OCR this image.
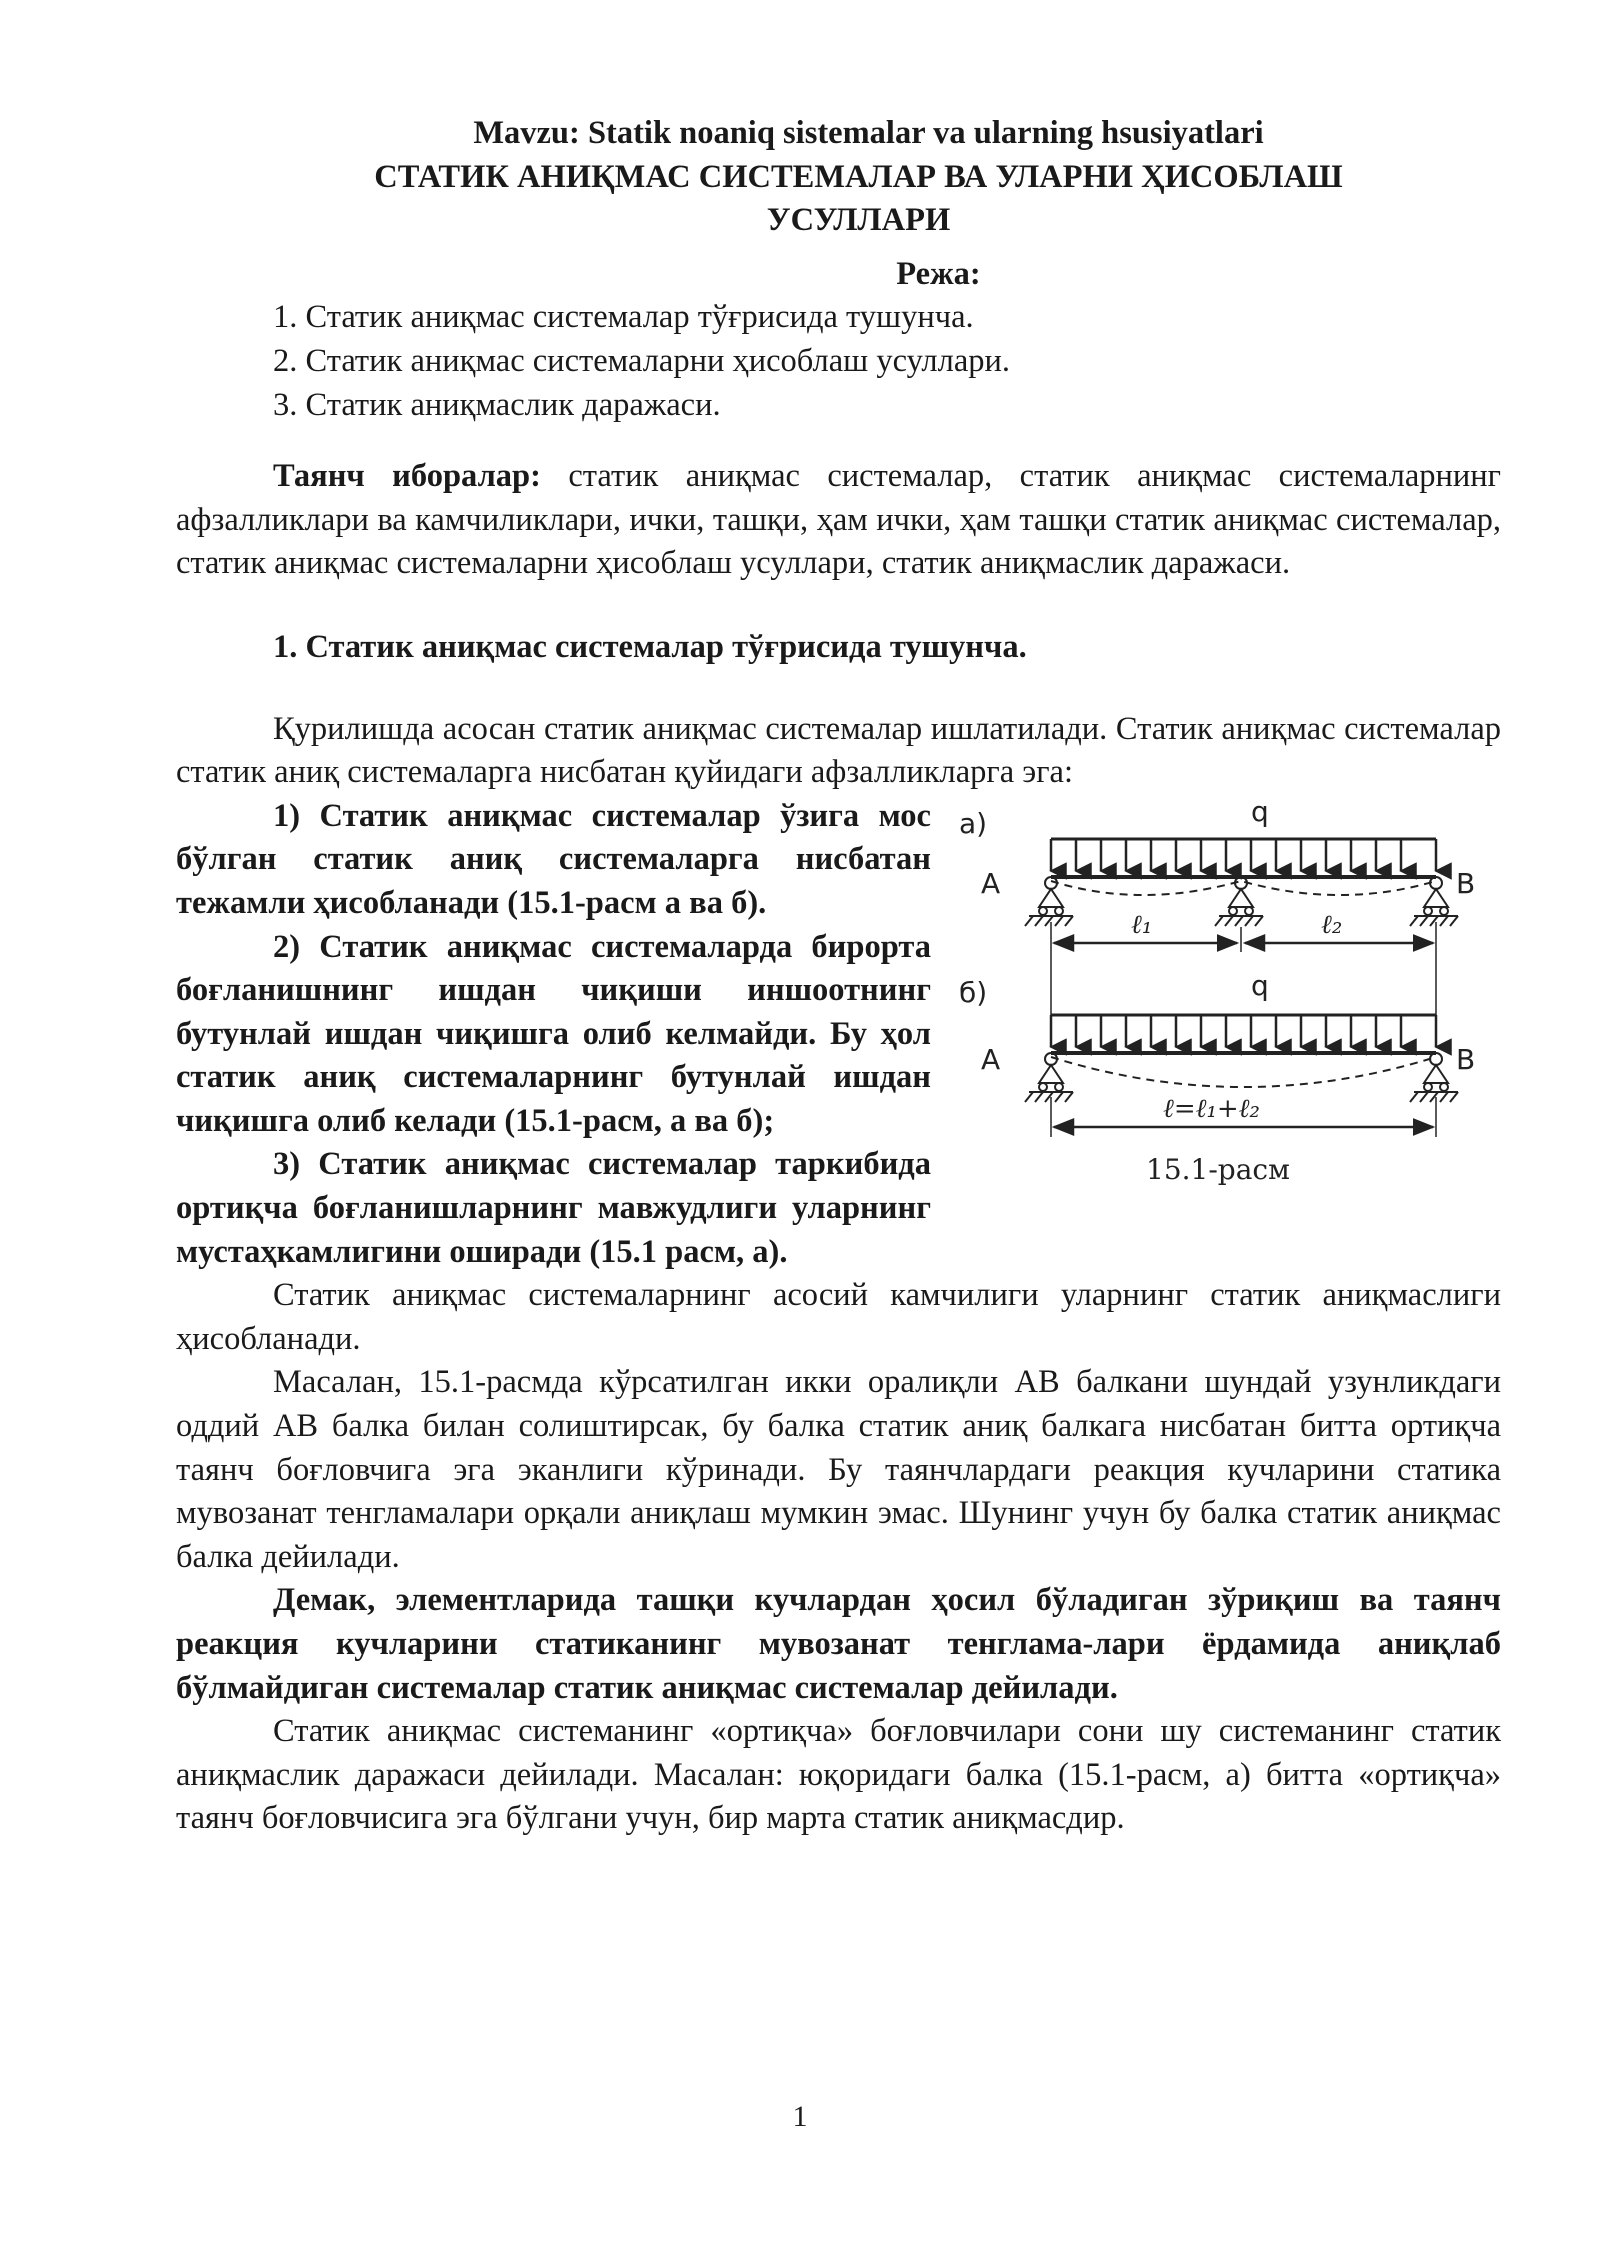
Mavzu: Statik noaniq sistemalar va ularning hsusiyatlari

СТАТИК АНИҚМАС СИСТЕМАЛАР ВА УЛАРНИ ҲИСОБЛАШ

УСУЛЛАРИ

Режа:

1. Статик аниқмас системалар тўғрисида тушунча.

2. Статик аниқмас системаларни ҳисоблаш усуллари.

3. Статик аниқмаслик даражаси.

Таянч иборалар: статик аниқмас системалар, статик аниқмас системаларнинг афзалликлари ва камчиликлари, ички, ташқи, ҳам ички, ҳам ташқи статик аниқмас системалар, статик аниқмас системаларни ҳисоблаш усуллари, статик аниқмаслик даражаси.

1. Статик аниқмас системалар тўғрисида тушунча.

Қурилишда асосан статик аниқмас системалар ишлатилади. Статик аниқмас системалар статик аниқ системаларга нисбатан қуйидаги афзалликларга эга:

а)	q
A	B
ℓ₁	ℓ₂
б)	q
A	B
ℓ=ℓ₁+ℓ₂
15.1-расм

1) Статик аниқмас системалар ўзига мос бўлган статик аниқ системаларга нисбатан тежамли ҳисобланади (15.1-расм а ва б).

2) Статик аниқмас системаларда бирорта боғланишнинг ишдан чиқиши иншоотнинг бутунлай ишдан чиқишга олиб келмайди. Бу ҳол статик аниқ системаларнинг бутунлай ишдан чиқишга олиб келади (15.1-расм, а ва б);

3) Статик аниқмас системалар таркибида ортиқча боғланишларнинг мавжудлиги уларнинг мустаҳкамлигини оширади (15.1 расм, а).

Статик аниқмас системаларнинг асосий камчилиги уларнинг статик аниқмаслиги ҳисобланади.

Масалан, 15.1-расмда кўрсатилган икки оралиқли АВ балкани шундай узунликдаги оддий АВ балка билан солиштирсак, бу балка статик аниқ балкага нисбатан битта ортиқча таянч боғловчига эга эканлиги кўринади. Бу таянчлардаги реакция кучларини статика мувозанат тенгламалари орқали аниқлаш мумкин эмас. Шунинг учун бу балка статик аниқмас балка дейилади.

Демак, элементларида ташқи кучлардан ҳосил бўладиган зўриқиш ва таянч реакция кучларини статиканинг мувозанат тенглама-лари ёрдамида аниқлаб бўлмайдиган системалар статик аниқмас системалар дейилади.

Статик аниқмас системанинг «ортиқча» боғловчилари сони шу системанинг статик аниқмаслик даражаси дейилади. Масалан: юқоридаги балка (15.1-расм, а) битта «ортиқча» таянч боғловчисига эга бўлгани учун, бир марта статик аниқмасдир.

1
